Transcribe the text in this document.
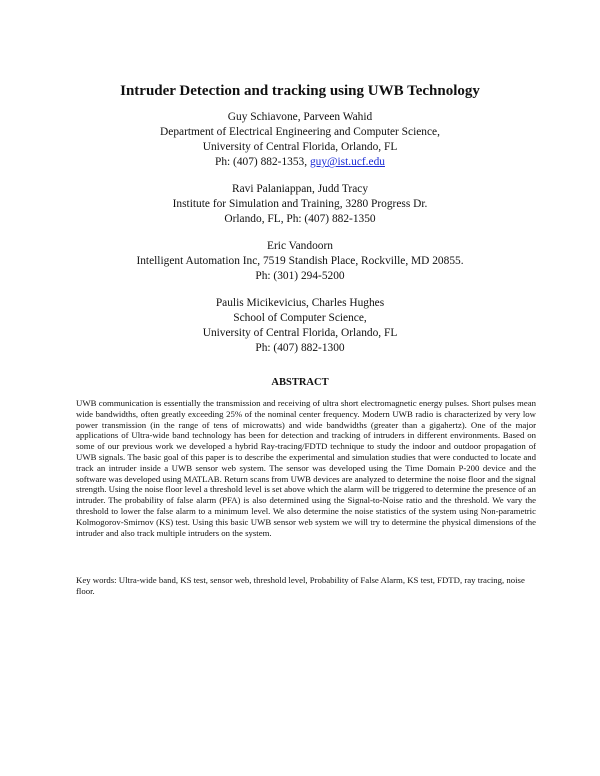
Intruder Detection and tracking using UWB Technology
Guy Schiavone, Parveen Wahid
Department of Electrical Engineering and Computer Science,
University of Central Florida, Orlando, FL
Ph: (407) 882-1353, guy@ist.ucf.edu
Ravi Palaniappan, Judd Tracy
Institute for Simulation and Training, 3280 Progress Dr.
Orlando, FL, Ph: (407) 882-1350
Eric Vandoorn
Intelligent Automation Inc, 7519 Standish Place, Rockville, MD 20855.
Ph: (301) 294-5200
Paulis Micikevicius, Charles Hughes
School of Computer Science,
University of Central Florida, Orlando, FL
Ph: (407) 882-1300
ABSTRACT

UWB communication is essentially the transmission and receiving of ultra short electromagnetic energy pulses. Short pulses mean wide bandwidths, often greatly exceeding 25% of the nominal center frequency. Modern UWB radio is characterized by very low power transmission (in the range of tens of microwatts) and wide bandwidths (greater than a gigahertz). One of the major applications of Ultra-wide band technology has been for detection and tracking of intruders in different environments. Based on some of our previous work we developed a hybrid Ray-tracing/FDTD technique to study the indoor and outdoor propagation of UWB signals. The basic goal of this paper is to describe the experimental and simulation studies that were conducted to locate and track an intruder inside a UWB sensor web system. The sensor was developed using the Time Domain P-200 device and the software was developed using MATLAB. Return scans from UWB devices are analyzed to determine the noise floor and the signal strength. Using the noise floor level a threshold level is set above which the alarm will be triggered to determine the presence of an intruder. The probability of false alarm (PFA) is also determined using the Signal-to-Noise ratio and the threshold. We vary the threshold to lower the false alarm to a minimum level. We also determine the noise statistics of the system using Non-parametric Kolmogorov-Smirnov (KS) test. Using this basic UWB sensor web system we will try to determine the physical dimensions of the intruder and also track multiple intruders on the system.

Key words: Ultra-wide band, KS test, sensor web, threshold level, Probability of False Alarm, KS test, FDTD, ray tracing, noise floor.
